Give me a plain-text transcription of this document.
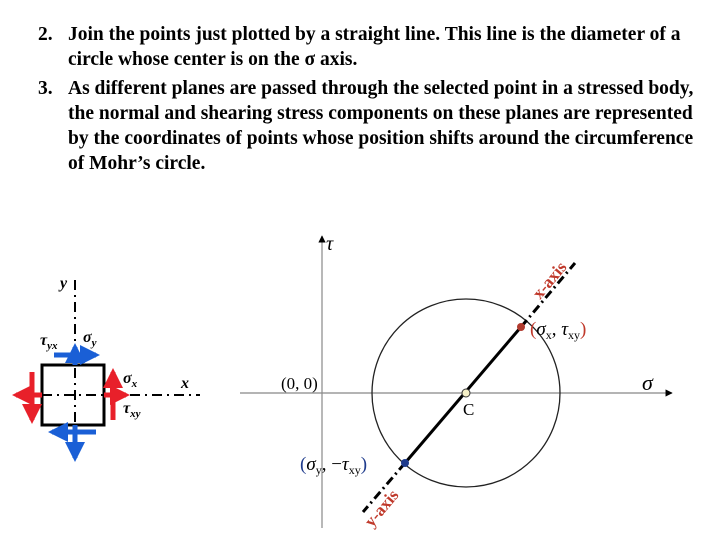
2. Join the points just plotted by a straight line. This line is the diameter of a circle whose center is on the σ axis.
3. As different planes are passed through the selected point in a stressed body, the normal and shearing stress components on these planes are represented by the coordinates of points whose position shifts around the circumference of Mohr’s circle.
y
x
$\tau_{yx}$ $\sigma_y$
$\sigma_x$
$\tau_{xy}$
τ
σ
(0, 0)
C
($\sigma_x$, $\tau_{xy}$)
($\sigma_y$, $-\tau_{xy}$)
x-axis
y-axis
